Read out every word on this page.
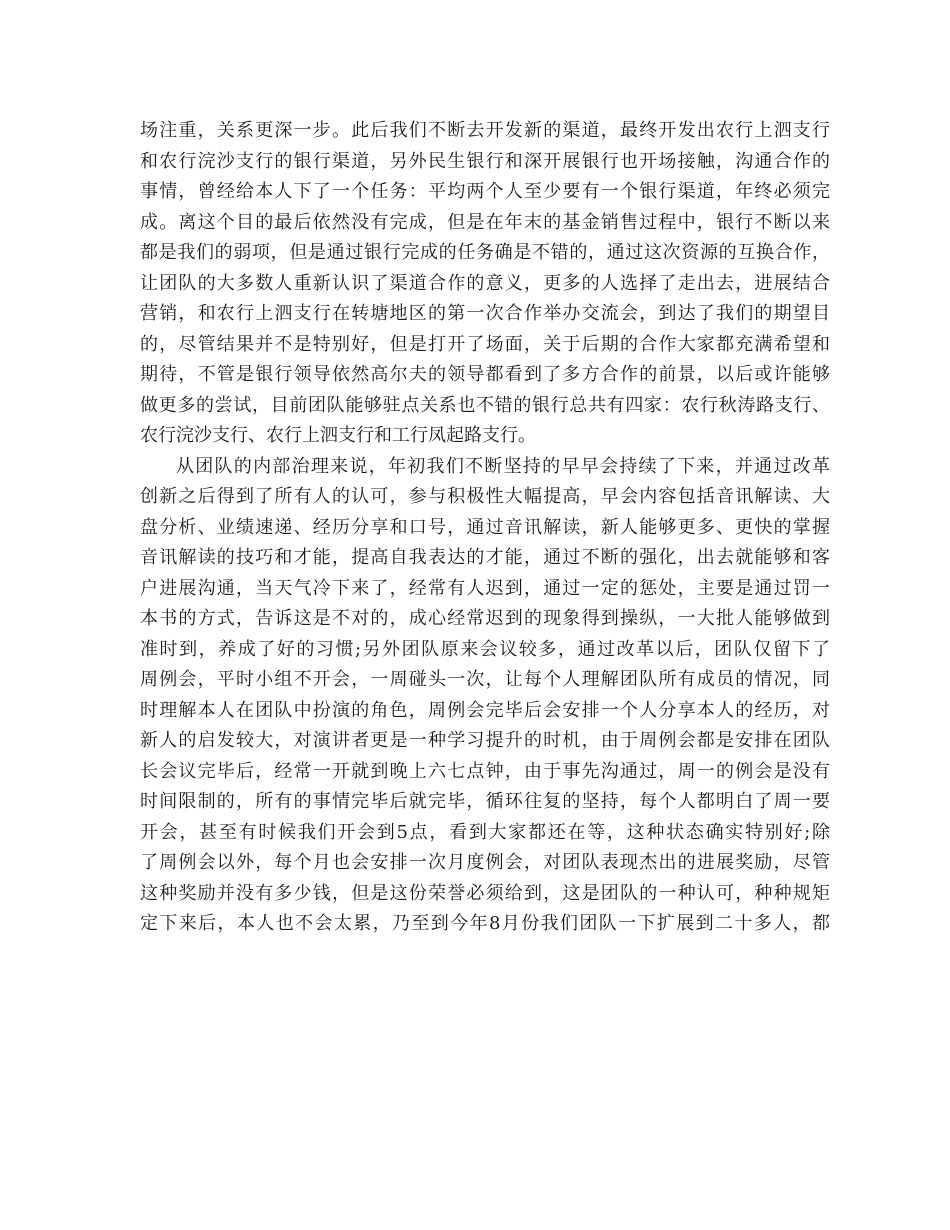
场注重，关系更深一步。此后我们不断去开发新的渠道，最终开发出农行上泗支行

和农行浣沙支行的银行渠道，另外民生银行和深开展银行也开场接触，沟通合作的

事情，曾经给本人下了一个任务：平均两个人至少要有一个银行渠道，年终必须完

成。离这个目的最后依然没有完成，但是在年末的基金销售过程中，银行不断以来

都是我们的弱项，但是通过银行完成的任务确是不错的，通过这次资源的互换合作，

让团队的大多数人重新认识了渠道合作的意义，更多的人选择了走出去，进展结合

营销，和农行上泗支行在转塘地区的第一次合作举办交流会，到达了我们的期望目

的，尽管结果并不是特别好，但是打开了场面，关于后期的合作大家都充满希望和

期待，不管是银行领导依然高尔夫的领导都看到了多方合作的前景，以后或许能够

做更多的尝试，目前团队能够驻点关系也不错的银行总共有四家：农行秋涛路支行、

农行浣沙支行、农行上泗支行和工行凤起路支行。

从团队的内部治理来说，年初我们不断坚持的早早会持续了下来，并通过改革

创新之后得到了所有人的认可，参与积极性大幅提高，早会内容包括音讯解读、大

盘分析、业绩速递、经历分享和口号，通过音讯解读，新人能够更多、更快的掌握

音讯解读的技巧和才能，提高自我表达的才能，通过不断的强化，出去就能够和客

户进展沟通，当天气冷下来了，经常有人迟到，通过一定的惩处，主要是通过罚一

本书的方式，告诉这是不对的，成心经常迟到的现象得到操纵，一大批人能够做到

准时到，养成了好的习惯;另外团队原来会议较多，通过改革以后，团队仅留下了

周例会，平时小组不开会，一周碰头一次，让每个人理解团队所有成员的情况，同

时理解本人在团队中扮演的角色，周例会完毕后会安排一个人分享本人的经历，对

新人的启发较大，对演讲者更是一种学习提升的时机，由于周例会都是安排在团队

长会议完毕后，经常一开就到晚上六七点钟，由于事先沟通过，周一的例会是没有

时间限制的，所有的事情完毕后就完毕，循环往复的坚持，每个人都明白了周一要

开会，甚至有时候我们开会到5点，看到大家都还在等，这种状态确实特别好;除

了周例会以外，每个月也会安排一次月度例会，对团队表现杰出的进展奖励，尽管

这种奖励并没有多少钱，但是这份荣誉必须给到，这是团队的一种认可，种种规矩

定下来后，本人也不会太累，乃至到今年8月份我们团队一下扩展到二十多人，都
